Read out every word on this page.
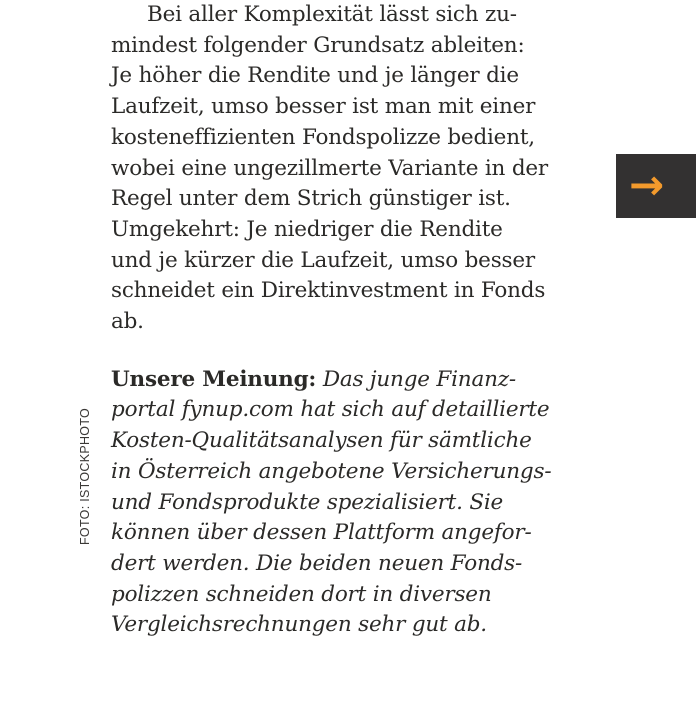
Bei aller Komplexität lässt sich zu-
mindest folgender Grundsatz ableiten:
Je höher die Rendite und je länger die
Laufzeit, umso besser ist man mit einer
kosteneffizienten Fondspolizze bedient,
wobei eine ungezillmerte Variante in der
Regel unter dem Strich günstiger ist.
Umgekehrt: Je niedriger die Rendite
und je kürzer die Laufzeit, umso besser
schneidet ein Direktinvestment in Fonds
ab.

Unsere Meinung: Das junge Finanz-
portal fynup.com hat sich auf detaillierte
Kosten-Qualitätsanalysen für sämtliche
in Österreich angebotene Versicherungs-
und Fondsprodukte spezialisiert. Sie
können über dessen Plattform angefor-
dert werden. Die beiden neuen Fonds-
polizzen schneiden dort in diversen
Vergleichsrechnungen sehr gut ab.

FOTO: ISTOCKPHOTO
→
